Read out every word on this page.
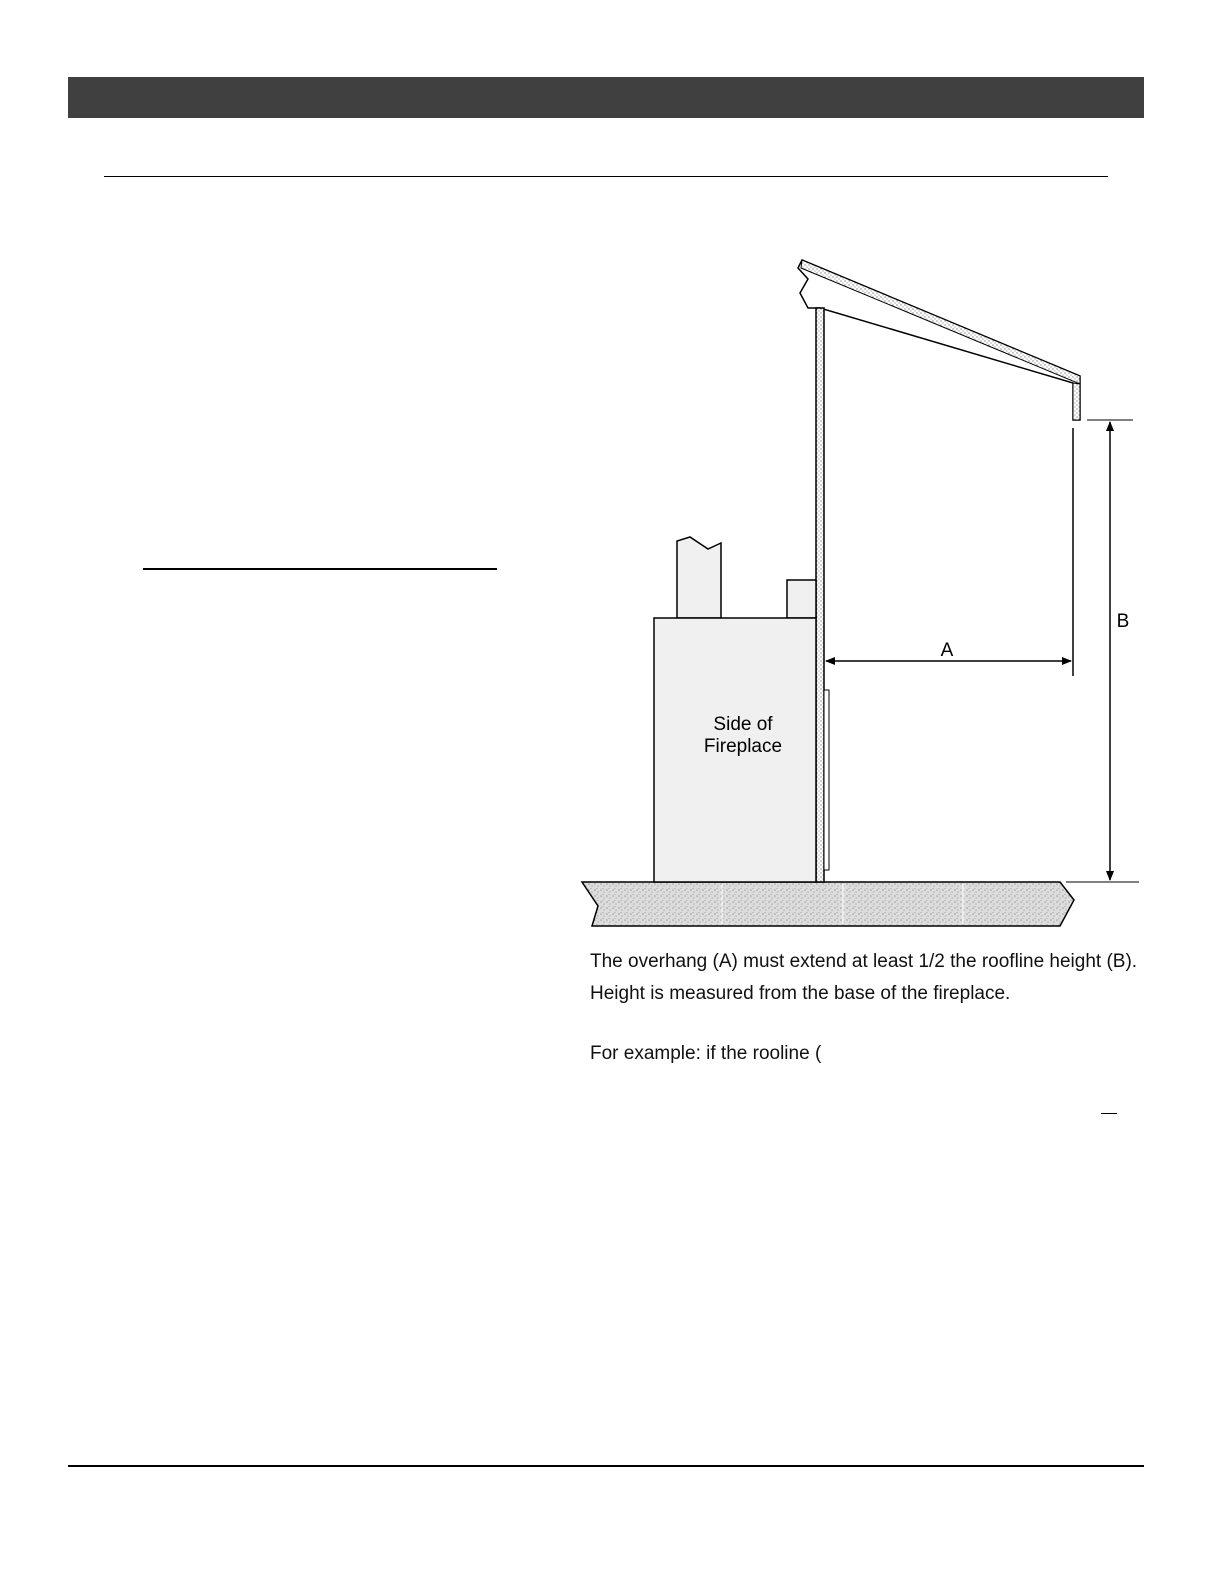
Side of
Fireplace
A
B

The overhang (A) must extend at least 1/2 the roofline height (B). Height is measured from the base of the fireplace.

For example: if the rooline (
